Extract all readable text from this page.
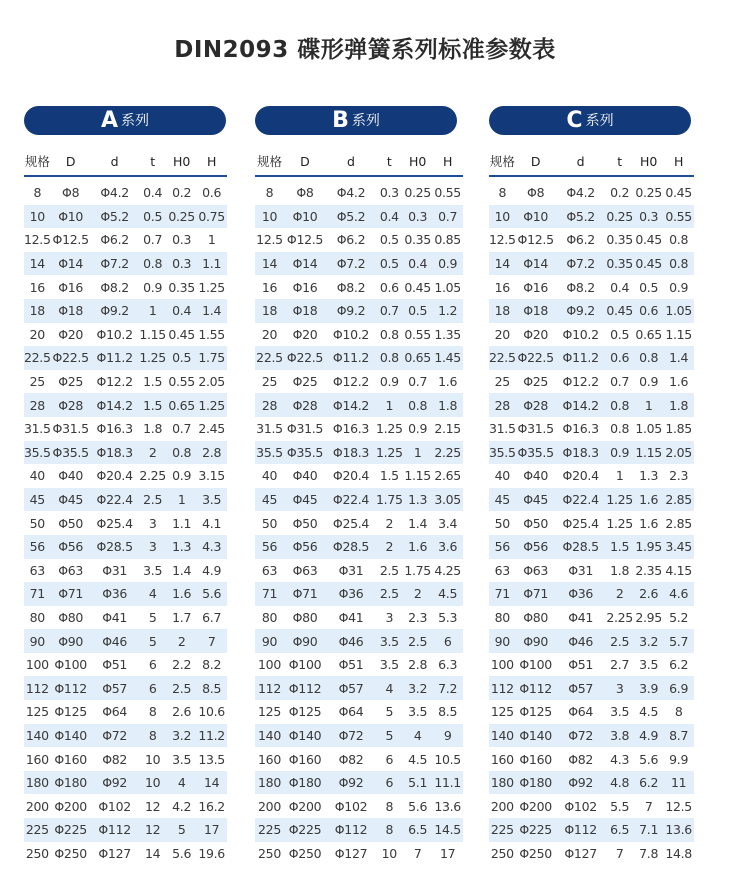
DIN2093 碟形弹簧系列标准参数表
A 系列
规格	D	d	t	H0	H
8	Φ8	Φ4.2	0.4	0.2	0.6
10	Φ10	Φ5.2	0.5	0.25	0.75
12.5	Φ12.5	Φ6.2	0.7	0.3	1
14	Φ14	Φ7.2	0.8	0.3	1.1
16	Φ16	Φ8.2	0.9	0.35	1.25
18	Φ18	Φ9.2	1	0.4	1.4
20	Φ20	Φ10.2	1.15	0.45	1.55
22.5	Φ22.5	Φ11.2	1.25	0.5	1.75
25	Φ25	Φ12.2	1.5	0.55	2.05
28	Φ28	Φ14.2	1.5	0.65	1.25
31.5	Φ31.5	Φ16.3	1.8	0.7	2.45
35.5	Φ35.5	Φ18.3	2	0.8	2.8
40	Φ40	Φ20.4	2.25	0.9	3.15
45	Φ45	Φ22.4	2.5	1	3.5
50	Φ50	Φ25.4	3	1.1	4.1
56	Φ56	Φ28.5	3	1.3	4.3
63	Φ63	Φ31	3.5	1.4	4.9
71	Φ71	Φ36	4	1.6	5.6
80	Φ80	Φ41	5	1.7	6.7
90	Φ90	Φ46	5	2	7
100	Φ100	Φ51	6	2.2	8.2
112	Φ112	Φ57	6	2.5	8.5
125	Φ125	Φ64	8	2.6	10.6
140	Φ140	Φ72	8	3.2	11.2
160	Φ160	Φ82	10	3.5	13.5
180	Φ180	Φ92	10	4	14
200	Φ200	Φ102	12	4.2	16.2
225	Φ225	Φ112	12	5	17
250	Φ250	Φ127	14	5.6	19.6
B 系列
规格	D	d	t	H0	H
8	Φ8	Φ4.2	0.3	0.25	0.55
10	Φ10	Φ5.2	0.4	0.3	0.7
12.5	Φ12.5	Φ6.2	0.5	0.35	0.85
14	Φ14	Φ7.2	0.5	0.4	0.9
16	Φ16	Φ8.2	0.6	0.45	1.05
18	Φ18	Φ9.2	0.7	0.5	1.2
20	Φ20	Φ10.2	0.8	0.55	1.35
22.5	Φ22.5	Φ11.2	0.8	0.65	1.45
25	Φ25	Φ12.2	0.9	0.7	1.6
28	Φ28	Φ14.2	1	0.8	1.8
31.5	Φ31.5	Φ16.3	1.25	0.9	2.15
35.5	Φ35.5	Φ18.3	1.25	1	2.25
40	Φ40	Φ20.4	1.5	1.15	2.65
45	Φ45	Φ22.4	1.75	1.3	3.05
50	Φ50	Φ25.4	2	1.4	3.4
56	Φ56	Φ28.5	2	1.6	3.6
63	Φ63	Φ31	2.5	1.75	4.25
71	Φ71	Φ36	2.5	2	4.5
80	Φ80	Φ41	3	2.3	5.3
90	Φ90	Φ46	3.5	2.5	6
100	Φ100	Φ51	3.5	2.8	6.3
112	Φ112	Φ57	4	3.2	7.2
125	Φ125	Φ64	5	3.5	8.5
140	Φ140	Φ72	5	4	9
160	Φ160	Φ82	6	4.5	10.5
180	Φ180	Φ92	6	5.1	11.1
200	Φ200	Φ102	8	5.6	13.6
225	Φ225	Φ112	8	6.5	14.5
250	Φ250	Φ127	10	7	17
C 系列
规格	D	d	t	H0	H
8	Φ8	Φ4.2	0.2	0.25	0.45
10	Φ10	Φ5.2	0.25	0.3	0.55
12.5	Φ12.5	Φ6.2	0.35	0.45	0.8
14	Φ14	Φ7.2	0.35	0.45	0.8
16	Φ16	Φ8.2	0.4	0.5	0.9
18	Φ18	Φ9.2	0.45	0.6	1.05
20	Φ20	Φ10.2	0.5	0.65	1.15
22.5	Φ22.5	Φ11.2	0.6	0.8	1.4
25	Φ25	Φ12.2	0.7	0.9	1.6
28	Φ28	Φ14.2	0.8	1	1.8
31.5	Φ31.5	Φ16.3	0.8	1.05	1.85
35.5	Φ35.5	Φ18.3	0.9	1.15	2.05
40	Φ40	Φ20.4	1	1.3	2.3
45	Φ45	Φ22.4	1.25	1.6	2.85
50	Φ50	Φ25.4	1.25	1.6	2.85
56	Φ56	Φ28.5	1.5	1.95	3.45
63	Φ63	Φ31	1.8	2.35	4.15
71	Φ71	Φ36	2	2.6	4.6
80	Φ80	Φ41	2.25	2.95	5.2
90	Φ90	Φ46	2.5	3.2	5.7
100	Φ100	Φ51	2.7	3.5	6.2
112	Φ112	Φ57	3	3.9	6.9
125	Φ125	Φ64	3.5	4.5	8
140	Φ140	Φ72	3.8	4.9	8.7
160	Φ160	Φ82	4.3	5.6	9.9
180	Φ180	Φ92	4.8	6.2	11
200	Φ200	Φ102	5.5	7	12.5
225	Φ225	Φ112	6.5	7.1	13.6
250	Φ250	Φ127	7	7.8	14.8
